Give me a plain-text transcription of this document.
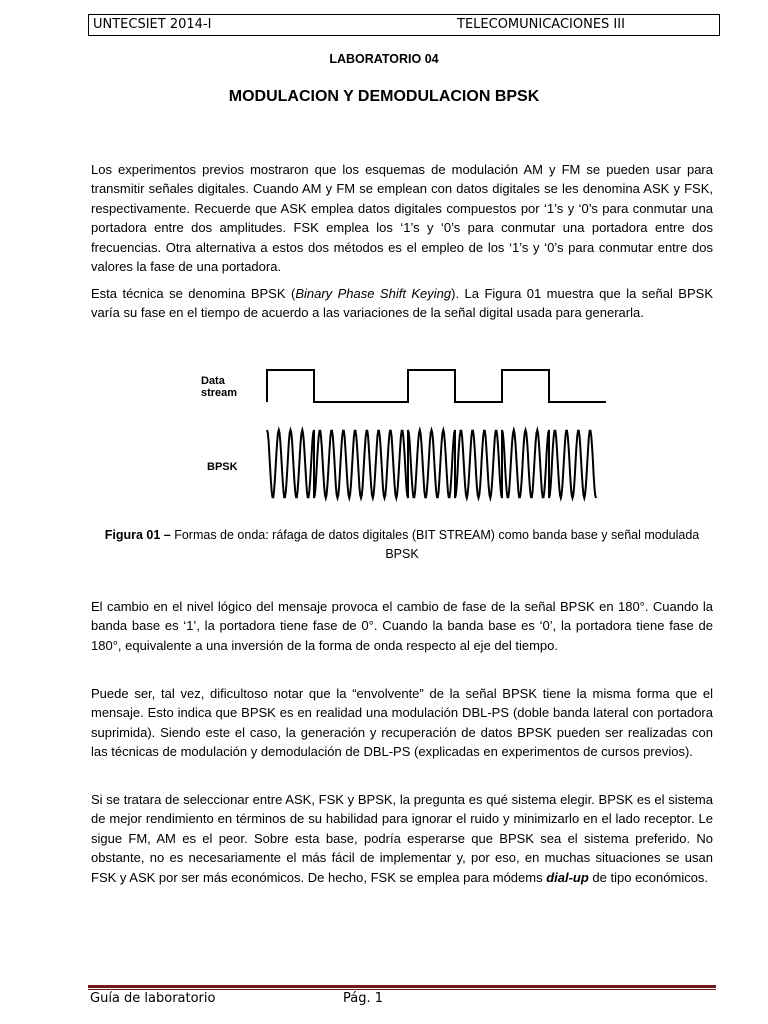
UNTECSIET 2014-I	TELECOMUNICACIONES III
LABORATORIO 04
MODULACION Y DEMODULACION BPSK
Los experimentos previos mostraron que los esquemas de modulación AM y FM se pueden usar para transmitir señales digitales. Cuando AM y FM se emplean con datos digitales se les denomina ASK y FSK, respectivamente. Recuerde que ASK emplea datos digitales compuestos por ‘1’s y ‘0’s para conmutar una portadora entre dos amplitudes. FSK emplea los ‘1’s y ‘0’s para conmutar una portadora entre dos frecuencias. Otra alternativa a estos dos métodos es el empleo de los ‘1’s y ‘0’s para conmutar entre dos valores la fase de una portadora.
Esta técnica se denomina BPSK (Binary Phase Shift Keying). La Figura 01 muestra que la señal BPSK varía su fase en el tiempo de acuerdo a las variaciones de la señal digital usada para generarla.
Data
stream
BPSK
Figura 01 – Formas de onda: ráfaga de datos digitales (BIT STREAM) como banda base y señal modulada BPSK
El cambio en el nivel lógico del mensaje provoca el cambio de fase de la señal BPSK en 180°. Cuando la banda base es ‘1’, la portadora tiene fase de 0°. Cuando la banda base es ‘0’, la portadora tiene fase de 180°, equivalente a una inversión de la forma de onda respecto al eje del tiempo.
Puede ser, tal vez, dificultoso notar que la “envolvente” de la señal BPSK tiene la misma forma que el mensaje. Esto indica que BPSK es en realidad una modulación DBL-PS (doble banda lateral con portadora suprimida). Siendo este el caso, la generación y recuperación de datos BPSK pueden ser realizadas con las técnicas de modulación y demodulación de DBL-PS (explicadas en experimentos de cursos previos).
Si se tratara de seleccionar entre ASK, FSK y BPSK, la pregunta es qué sistema elegir. BPSK es el sistema de mejor rendimiento en términos de su habilidad para ignorar el ruido y minimizarlo en el lado receptor. Le sigue FM, AM es el peor. Sobre esta base, podría esperarse que BPSK sea el sistema preferido. No obstante, no es necesariamente el más fácil de implementar y, por eso, en muchas situaciones se usan FSK y ASK por ser más económicos. De hecho, FSK se emplea para módems dial-up de tipo económicos.
Guía de laboratorio	Pág. 1
